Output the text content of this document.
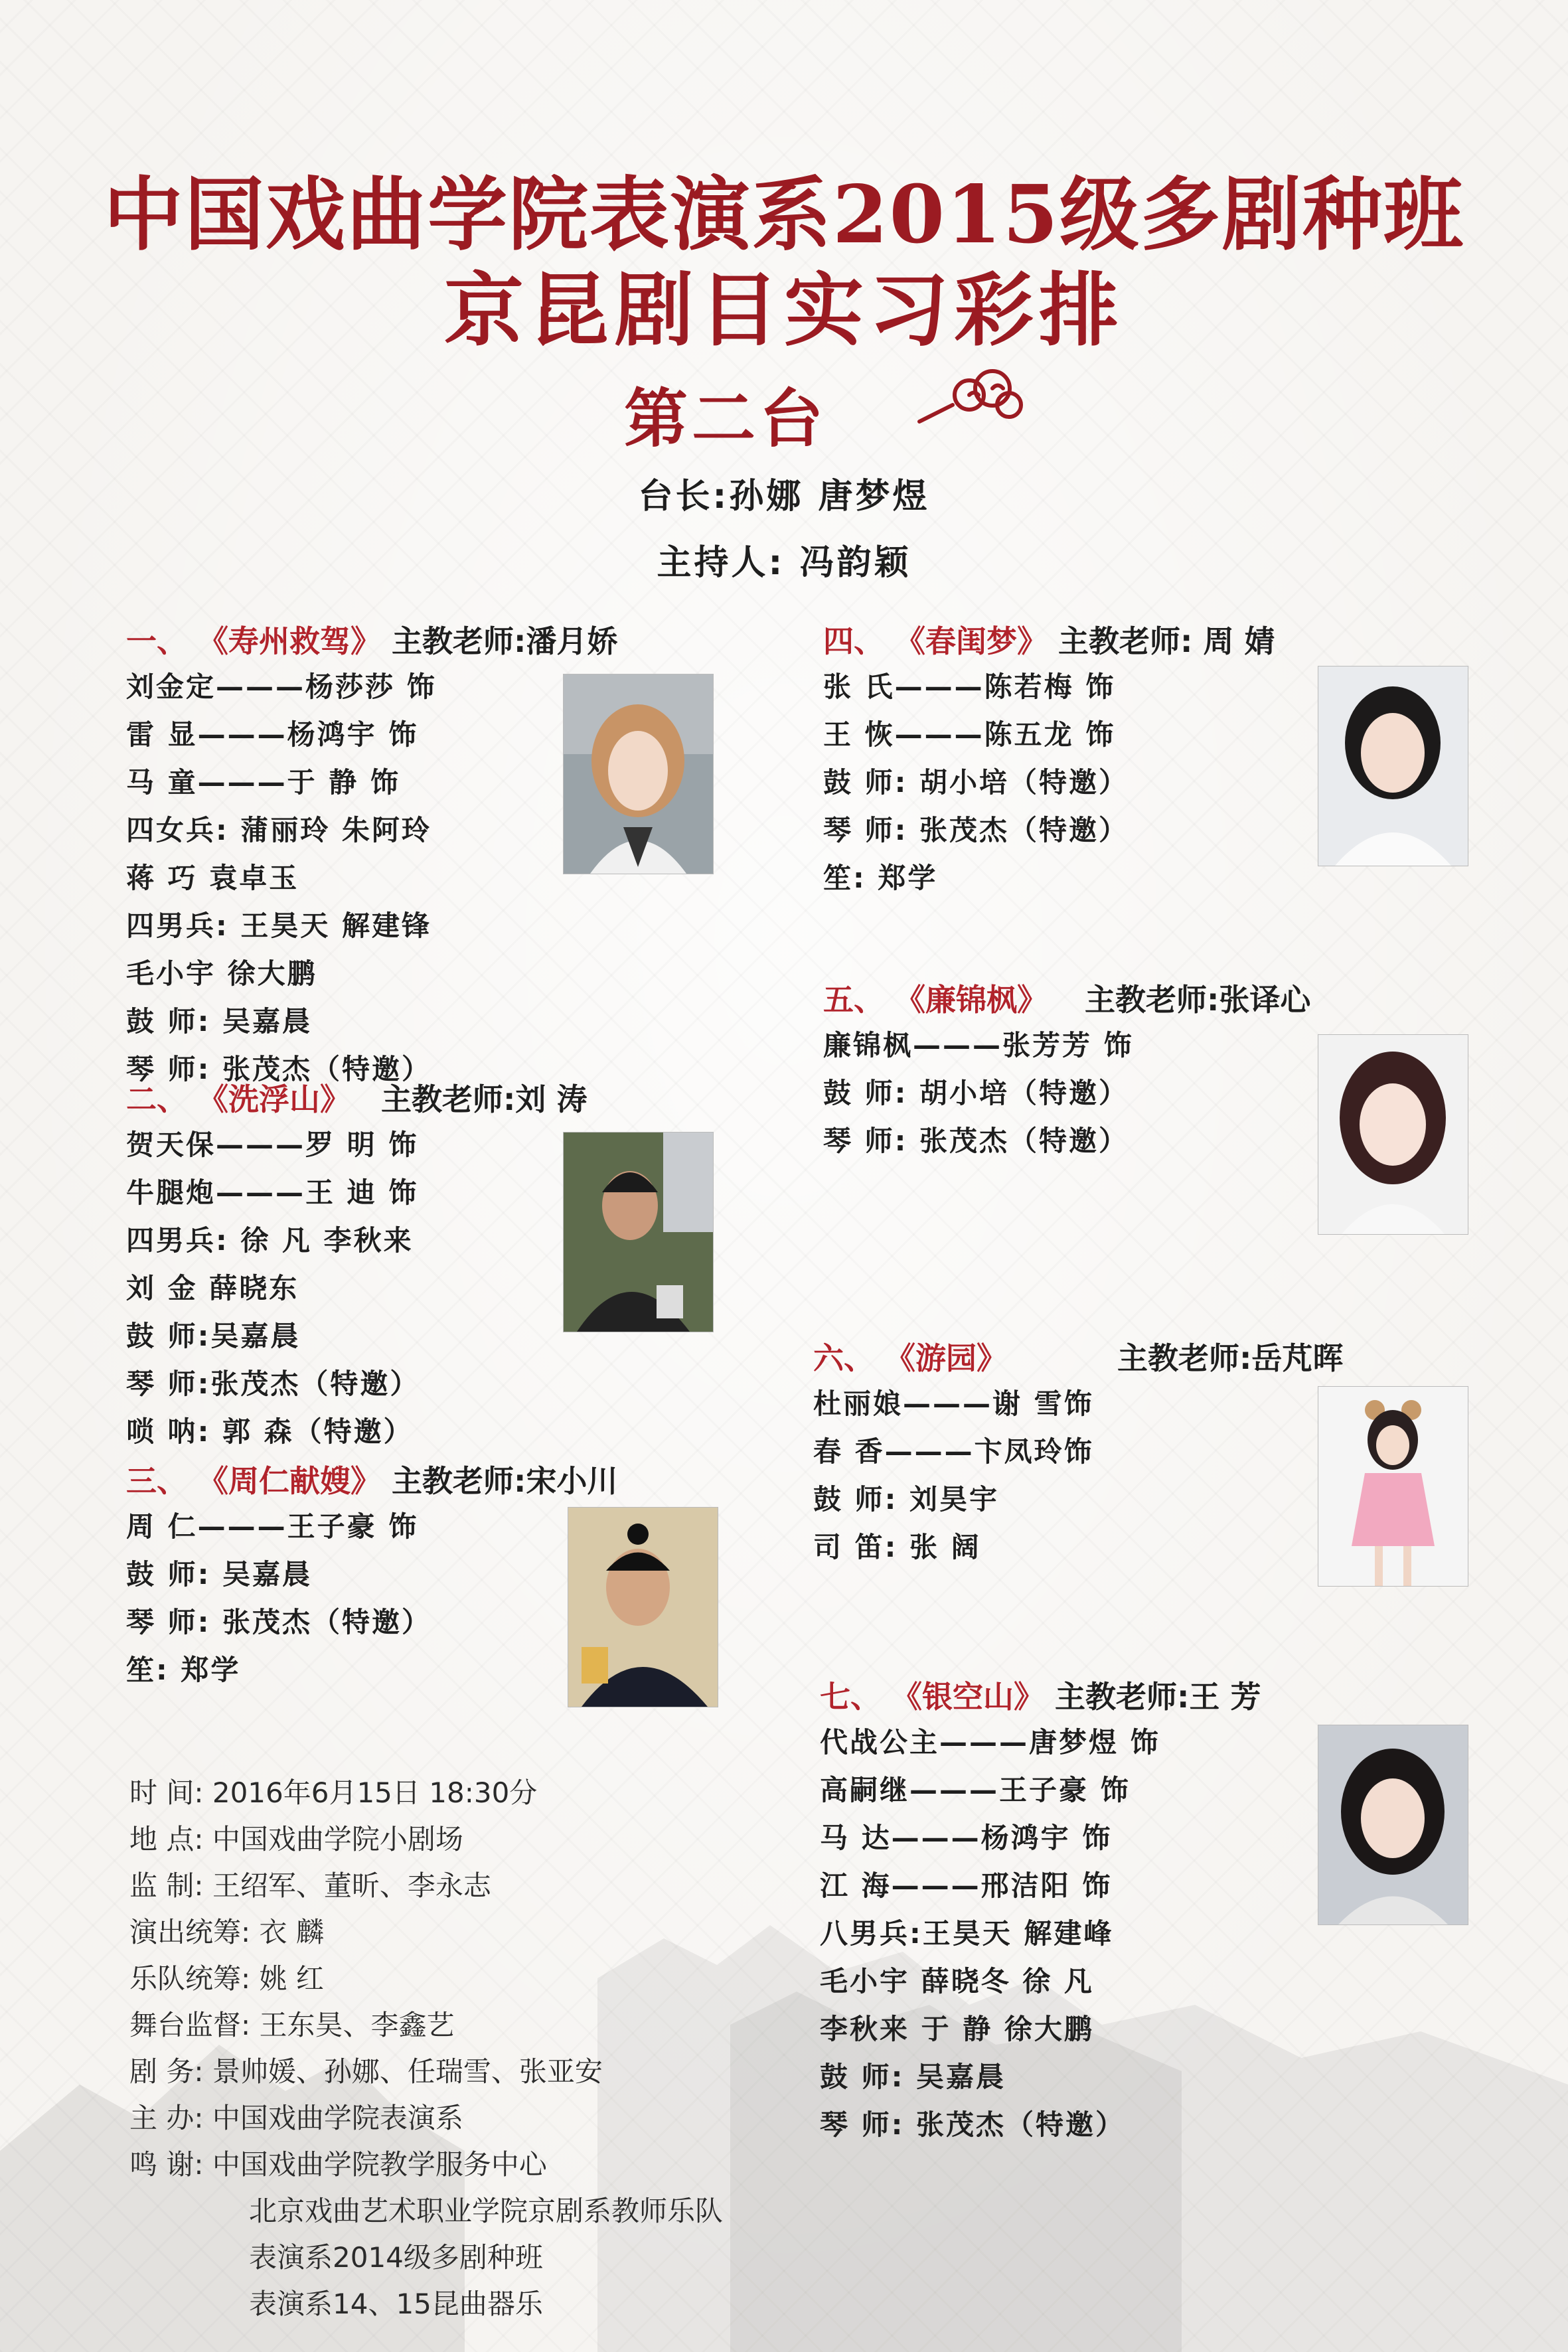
中国戏曲学院表演系2015级多剧种班
京昆剧目实习彩排
第二台
台长:孙娜 唐梦煜
主持人: 冯韵颖
一、 《寿州救驾》 主教老师:潘月娇
刘金定———杨莎莎 饰
雷 显———杨鸿宇 饰
马 童———于 静 饰
四女兵: 蒲丽玲 朱阿玲
蒋 巧 袁卓玉
四男兵: 王昊天 解建锋
毛小宇 徐大鹏
鼓 师: 吴嘉晨
琴 师: 张茂杰（特邀）
二、 《洗浮山》 主教老师:刘 涛
贺天保———罗 明 饰
牛腿炮———王 迪 饰
四男兵: 徐 凡 李秋来
刘 金 薛晓东
鼓 师:吴嘉晨
琴 师:张茂杰（特邀）
唢 呐: 郭 森（特邀）
三、 《周仁献嫂》 主教老师:宋小川
周 仁———王子豪 饰
鼓 师: 吴嘉晨
琴 师: 张茂杰（特邀）
笙: 郑学
四、 《春闺梦》 主教老师: 周 婧
张 氏———陈若梅 饰
王 恢———陈五龙 饰
鼓 师: 胡小培（特邀）
琴 师: 张茂杰（特邀）
笙: 郑学
五、 《廉锦枫》 主教老师:张译心
廉锦枫———张芳芳 饰
鼓 师: 胡小培（特邀）
琴 师: 张茂杰（特邀）
六、 《游园》	主教老师:岳芃晖
杜丽娘———谢 雪饰
春 香———卞凤玲饰
鼓 师: 刘昊宇
司 笛: 张 阔
七、 《银空山》 主教老师:王 芳
代战公主———唐梦煜 饰
高嗣继———王子豪 饰
马 达———杨鸿宇 饰
江 海———邢洁阳 饰
八男兵:王昊天 解建峰
毛小宇 薛晓冬 徐 凡
李秋来 于 静 徐大鹏
鼓 师: 吴嘉晨
琴 师: 张茂杰（特邀）
时 间: 2016年6月15日 18:30分
地 点: 中国戏曲学院小剧场
监 制: 王绍军、董昕、李永志
演出统筹: 衣 麟
乐队统筹: 姚 红
舞台监督: 王东昊、李鑫艺
剧 务: 景帅媛、孙娜、任瑞雪、张亚安
主 办: 中国戏曲学院表演系
鸣 谢: 中国戏曲学院教学服务中心
北京戏曲艺术职业学院京剧系教师乐队
表演系2014级多剧种班
表演系14、15昆曲器乐
